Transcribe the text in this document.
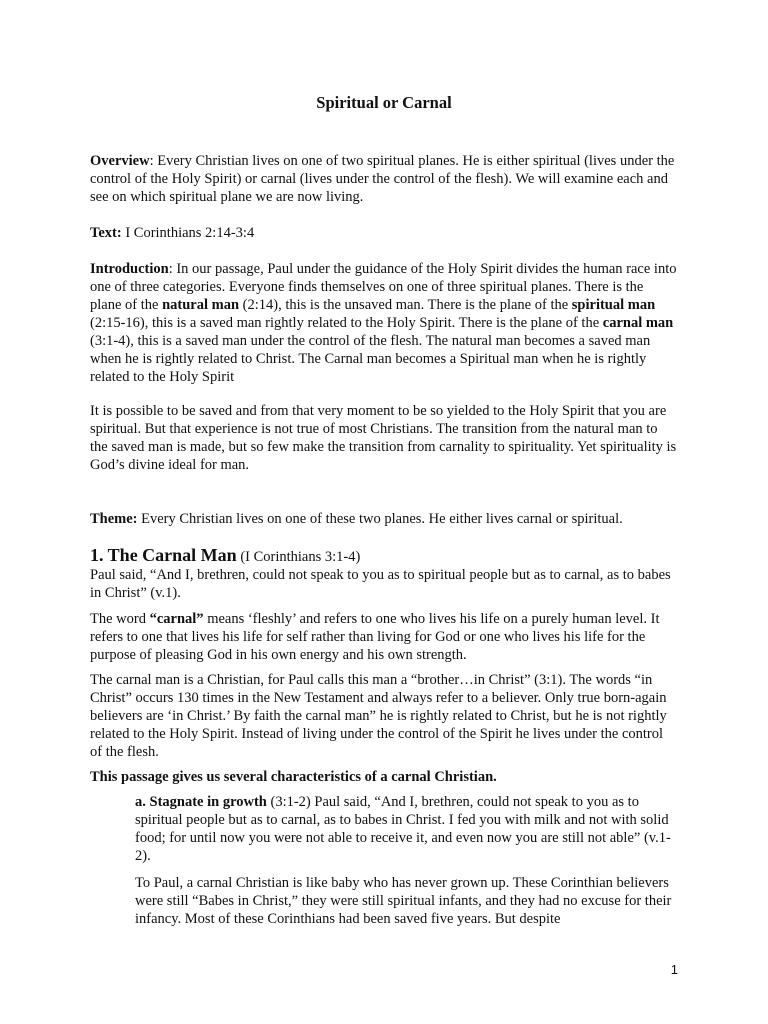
Spiritual or Carnal

Overview: Every Christian lives on one of two spiritual planes. He is either spiritual (lives under the control of the Holy Spirit) or carnal (lives under the control of the flesh). We will examine each and see on which spiritual plane we are now living.

Text: I Corinthians 2:14-3:4

Introduction: In our passage, Paul under the guidance of the Holy Spirit divides the human race into one of three categories. Everyone finds themselves on one of three spiritual planes. There is the plane of the natural man (2:14), this is the unsaved man. There is the plane of the spiritual man (2:15-16), this is a saved man rightly related to the Holy Spirit. There is the plane of the carnal man (3:1-4), this is a saved man under the control of the flesh. The natural man becomes a saved man when he is rightly related to Christ. The Carnal man becomes a Spiritual man when he is rightly related to the Holy Spirit

It is possible to be saved and from that very moment to be so yielded to the Holy Spirit that you are spiritual. But that experience is not true of most Christians. The transition from the natural man to the saved man is made, but so few make the transition from carnality to spirituality. Yet spirituality is God’s divine ideal for man.

Theme: Every Christian lives on one of these two planes. He either lives carnal or spiritual.

1. The Carnal Man (I Corinthians 3:1-4)

Paul said, “And I, brethren, could not speak to you as to spiritual people but as to carnal, as to babes in Christ” (v.1).

The word “carnal” means ‘fleshly’ and refers to one who lives his life on a purely human level. It refers to one that lives his life for self rather than living for God or one who lives his life for the purpose of pleasing God in his own energy and his own strength.

The carnal man is a Christian, for Paul calls this man a “brother…in Christ” (3:1). The words “in Christ” occurs 130 times in the New Testament and always refer to a believer. Only true born-again believers are ‘in Christ.’ By faith the carnal man” he is rightly related to Christ, but he is not rightly related to the Holy Spirit. Instead of living under the control of the Spirit he lives under the control of the flesh.

This passage gives us several characteristics of a carnal Christian.

a. Stagnate in growth (3:1-2) Paul said, “And I, brethren, could not speak to you as to spiritual people but as to carnal, as to babes in Christ. I fed you with milk and not with solid food; for until now you were not able to receive it, and even now you are still not able” (v.1-2).

To Paul, a carnal Christian is like baby who has never grown up. These Corinthian believers were still “Babes in Christ,” they were still spiritual infants, and they had no excuse for their infancy. Most of these Corinthians had been saved five years. But despite

1
